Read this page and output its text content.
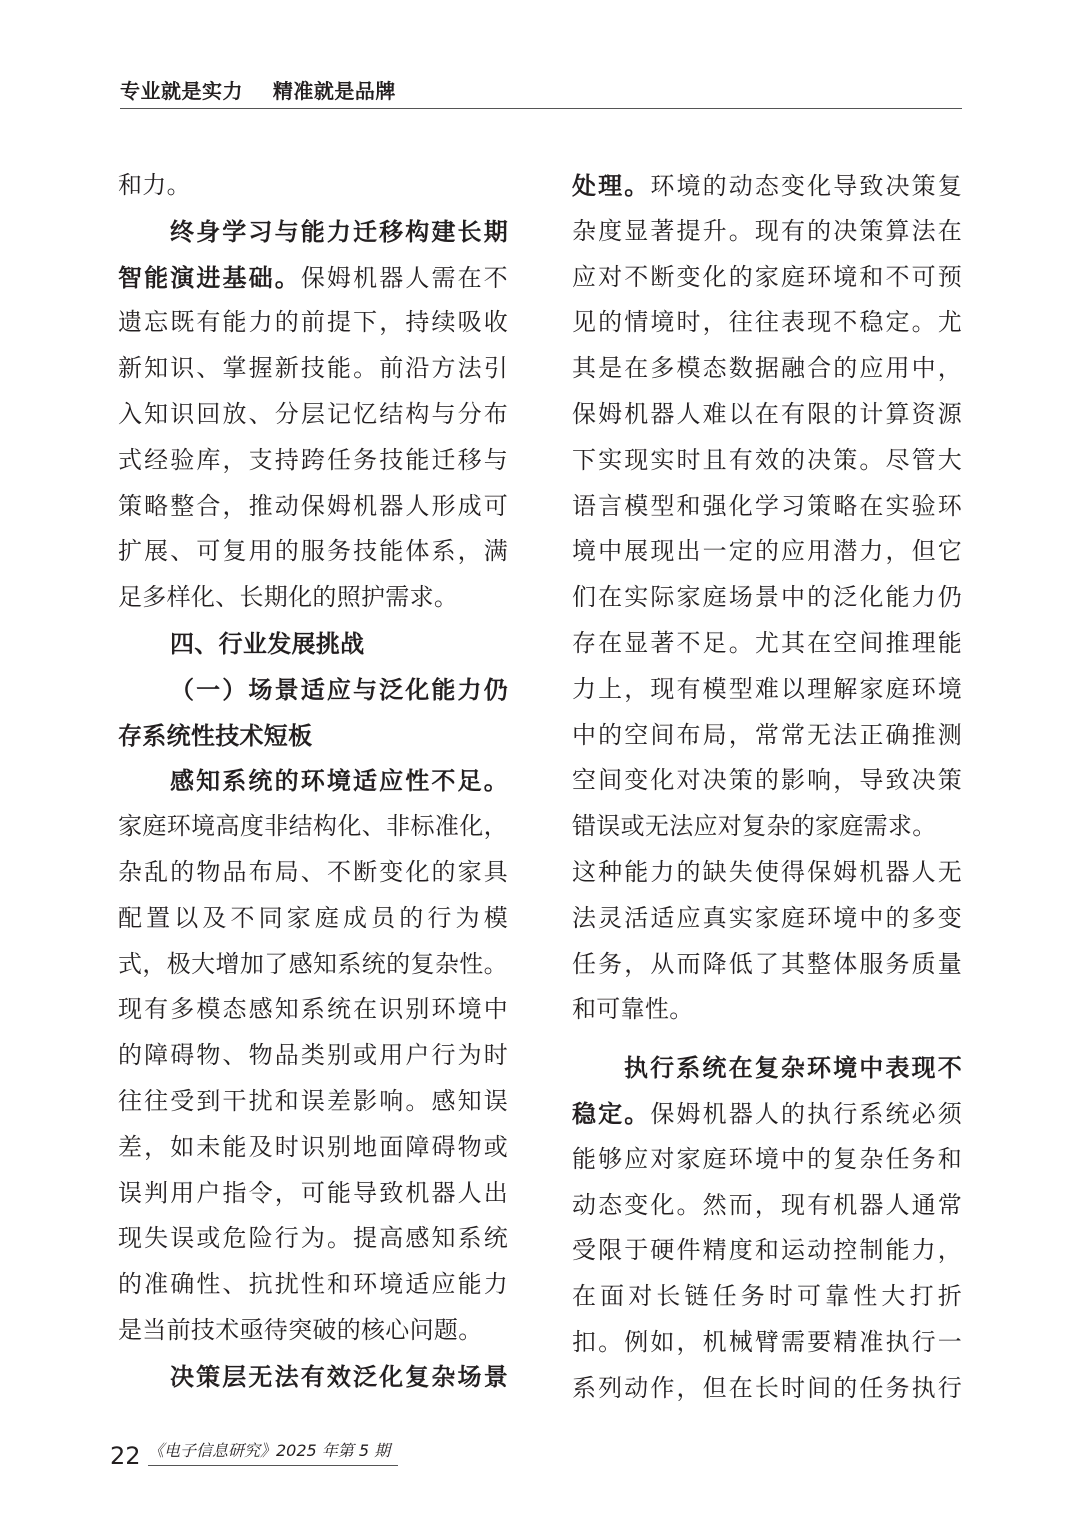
专业就是实力    精准就是品牌
和力。
终身学习与能力迁移构建长期
智能演进基础。保姆机器人需在不
遗忘既有能力的前提下，持续吸收
新知识、掌握新技能。前沿方法引
入知识回放、分层记忆结构与分布
式经验库，支持跨任务技能迁移与
策略整合，推动保姆机器人形成可
扩展、可复用的服务技能体系，满
足多样化、长期化的照护需求。
四、行业发展挑战
（一）场景适应与泛化能力仍
存系统性技术短板
感知系统的环境适应性不足。
家庭环境高度非结构化、非标准化，
杂乱的物品布局、不断变化的家具
配置以及不同家庭成员的行为模
式，极大增加了感知系统的复杂性。
现有多模态感知系统在识别环境中
的障碍物、物品类别或用户行为时
往往受到干扰和误差影响。感知误
差，如未能及时识别地面障碍物或
误判用户指令，可能导致机器人出
现失误或危险行为。提高感知系统
的准确性、抗扰性和环境适应能力
是当前技术亟待突破的核心问题。
决策层无法有效泛化复杂场景
处理。环境的动态变化导致决策复
杂度显著提升。现有的决策算法在
应对不断变化的家庭环境和不可预
见的情境时，往往表现不稳定。尤
其是在多模态数据融合的应用中，
保姆机器人难以在有限的计算资源
下实现实时且有效的决策。尽管大
语言模型和强化学习策略在实验环
境中展现出一定的应用潜力，但它
们在实际家庭场景中的泛化能力仍
存在显著不足。尤其在空间推理能
力上，现有模型难以理解家庭环境
中的空间布局，常常无法正确推测
空间变化对决策的影响，导致决策
错误或无法应对复杂的家庭需求。
这种能力的缺失使得保姆机器人无
法灵活适应真实家庭环境中的多变
任务，从而降低了其整体服务质量
和可靠性。
执行系统在复杂环境中表现不
稳定。保姆机器人的执行系统必须
能够应对家庭环境中的复杂任务和
动态变化。然而，现有机器人通常
受限于硬件精度和运动控制能力，
在面对长链任务时可靠性大打折
扣。例如，机械臂需要精准执行一
系列动作，但在长时间的任务执行
22 《电子信息研究》2025 年第 5 期
